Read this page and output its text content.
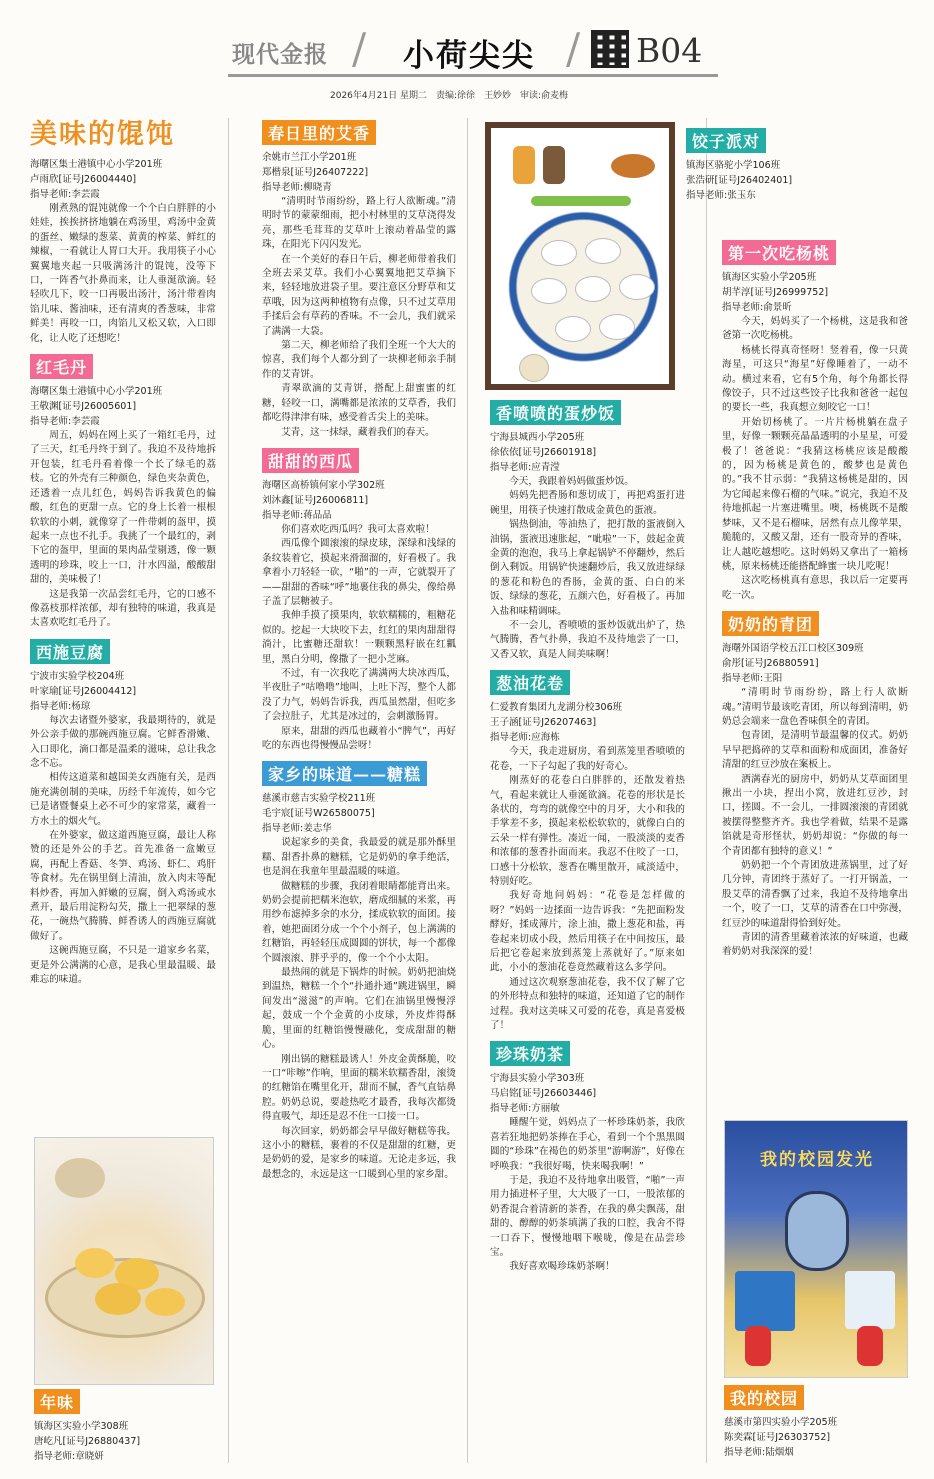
现代金报 / 小荷尖尖 / B04
2026年4月21日 星期二　责编:徐徐　王妙妙　审读:俞麦梅
美味的馄饨
海曙区集士港镇中心小学201班
卢雨欣[证号J26004440]
指导老师:李芸霞

刚煮熟的馄饨就像一个个白白胖胖的小娃娃，挨挨挤挤地躺在鸡汤里，鸡汤中金黄的蛋丝、嫩绿的葱菜、黄黄的榨菜、鲜红的辣椒，一看就让人胃口大开。我用筷子小心翼翼地夹起一只吸满汤汁的馄饨，没等下口，一阵香气扑鼻而来，让人垂涎欲滴。轻轻吹几下，咬一口再吸出汤汁，汤汁带着肉馅儿味、酱油味，还有清爽的香葱味，非常鲜美！再咬一口，肉馅儿又松又软，入口即化，让人吃了还想吃！

红毛丹
海曙区集士港镇中心小学201班
王敬渊[证号J26005601]
指导老师:李芸霞

周五，妈妈在网上买了一箱红毛丹，过了三天，红毛丹终于到了。我迫不及待地拆开包装，红毛丹看着像一个长了绿毛的荔枝。它的外壳有三种颜色，绿色夹杂黄色，还透着一点儿红色，妈妈告诉我黄色的偏酸，红色的更甜一点。它的身上长着一根根软软的小刺，就像穿了一件带刺的盔甲，摸起来一点也不扎手。我挑了一个最红的，剥下它的盔甲，里面的果肉晶莹剔透，像一颗透明的珍珠，咬上一口，汁水四溢，酸酸甜甜的，美味极了！

这是我第一次品尝红毛丹，它的口感不像荔枝那样浓郁，却有独特的味道，我真是太喜欢吃红毛丹了。

西施豆腐
宁波市实验学校204班
叶家瑜[证号J26004412]
指导老师:杨琼

每次去诸暨外婆家，我最期待的，就是外公亲手做的那碗西施豆腐。它鲜香滑嫩、入口即化，滴口都是温柔的滋味，总让我念念不忘。

相传这道菜和越国美女西施有关，是西施充满创制的美味，历经千年流传，如今它已是诸暨餐桌上必不可少的家常菜，藏着一方水土的烟火气。

在外婆家，做这道西施豆腐，最让人称赞的还是外公的手艺。首先准备一盒嫩豆腐，再配上香菇、冬笋、鸡汤、虾仁、鸡肝等食材。先在锅里倒上清油，放入肉末等配料炒香，再加入鲜嫩的豆腐，倒入鸡汤或水煮开，最后用淀粉勾芡，撒上一把翠绿的葱花，一碗热气腾腾、鲜香诱人的西施豆腐就做好了。

这碗西施豆腐，不只是一道家乡名菜，更是外公满满的心意，是我心里最温暖、最难忘的味道。

年味
镇海区实验小学308班
唐屹凡[证号J26880437]
指导老师:章晓妍
春日里的艾香
余姚市兰江小学201班
郑楷泉[证号J26407222]
指导老师:柳晓青

“清明时节雨纷纷，路上行人欲断魂。”清明时节的蒙蒙细雨，把小村林里的艾草浇得发亮，那些毛茸茸的艾草叶上滚动着晶莹的露珠，在阳光下闪闪发光。

在一个美好的春日午后，柳老师带着我们全班去采艾草。我们小心翼翼地把艾草摘下来，轻轻地放进袋子里。要注意区分野草和艾草哦，因为这两种植物有点像，只不过艾草用手揉后会有草药的香味。不一会儿，我们就采了满满一大袋。

第二天，柳老师给了我们全班一个大大的惊喜，我们每个人都分到了一块柳老师亲手制作的艾青饼。

青翠欲滴的艾青饼，搭配上甜蜜蜜的红糖，轻咬一口，满嘴都是浓浓的艾草香，我们都吃得津津有味，感受着舌尖上的美味。

艾青，这一抹绿，藏着我们的春天。

甜甜的西瓜
海曙区高桥镇何家小学302班
刘沐鑫[证号J26006811]
指导老师:蒋品品

你们喜欢吃西瓜吗？我可太喜欢啦！

西瓜像个圆滚滚的绿皮球，深绿和浅绿的条纹装着它，摸起来滑溜溜的，好看极了。我拿着小刀轻轻一砍，“啪”的一声，它就裂开了——甜甜的香味“呼”地裹住我的鼻尖，像给鼻子盖了层糖被子。

我伸手摸了摸果肉，软软糯糯的，粗糖花似的。挖起一大块咬下去，红红的果肉甜甜得淌汁，比蜜糖还甜软！一颗颗黑籽嵌在红瓤里，黑白分明，像撒了一把小芝麻。

不过，有一次我吃了满满两大块冰西瓜，半夜肚子“咕噜噜”地叫，上吐下泻，整个人都没了力气，妈妈告诉我，西瓜虽然甜，但吃多了会拉肚子，尤其是冰过的，会刺激肠胃。

原来，甜甜的西瓜也藏着小“脾气”，再好吃的东西也得慢慢品尝呀！

家乡的味道——糖糕
慈溪市慈吉实验学校211班
毛宇宸[证号W26580075]
指导老师:姜志华

说起家乡的美食，我最爱的就是那外酥里糯、甜香扑鼻的糖糕，它是奶奶的拿手绝活，也是润在我童年里最温暖的味道。

做糖糕的步骤，我闭着眼睛都能背出来。奶奶会提前把糯米泡软，磨成细腻的米浆，再用纱布滤掉多余的水分，揉成软软的面团。接着，她把面团分成一个个小剂子，包上满满的红糖馅，再轻轻压成圆圆的饼状，每一个都像个圆滚滚、胖乎乎的，像一个个小太阳。

最热闹的就是下锅炸的时候。奶奶把油烧到温热，糖糕一个个“扑通扑通”跳进锅里，瞬间发出“滋滋”的声响。它们在油锅里慢慢浮起，鼓成一个个金黄的小皮球，外皮炸得酥脆，里面的红糖馅慢慢融化，变成甜甜的糖心。

刚出锅的糖糕最诱人！外皮金黄酥脆，咬一口“咔嚓”作响，里面的糯米软糯香甜，滚烫的红糖馅在嘴里化开，甜而不腻，香气直钻鼻腔。奶奶总说，要趁热吃才最香，我每次都烫得直吸气，却还是忍不住一口接一口。

每次回家，奶奶都会早早做好糖糕等我。这小小的糖糕，裹着的不仅是甜甜的红糖，更是奶奶的爱，是家乡的味道。无论走多远，我最想念的，永远是这一口暖到心里的家乡甜。

香喷喷的蛋炒饭
宁海县城西小学205班
徐依依[证号J26601918]
指导老师:应青滢

今天，我跟着妈妈做蛋炒饭。

妈妈先把香肠和葱切成丁，再把鸡蛋打进碗里，用筷子快速打散成金黄色的蛋液。

锅热倒油，等油热了，把打散的蛋液倒入油锅，蛋液迅速胀起，“呲啦”一下，鼓起金黄金黄的泡泡，我马上拿起锅铲不停翻炒，然后倒入剩饭。用锅铲快速翻炒后，我又放进绿绿的葱花和粉色的香肠，金黄的蛋、白白的米饭、绿绿的葱花，五颜六色，好看极了。再加入盐和味精调味。

不一会儿，香喷喷的蛋炒饭就出炉了，热气腾腾，香气扑鼻，我迫不及待地尝了一口，又香又软，真是人间美味啊！

葱油花卷
仁爱教育集团九龙湖分校306班
王子涵[证号J26207463]
指导老师:应海栋

今天，我走进厨房，看到蒸笼里香喷喷的花卷，一下子勾起了我的好奇心。

刚蒸好的花卷白白胖胖的，还散发着热气，看起来就让人垂涎欲滴。花卷的形状是长条状的，弯弯的就像空中的月牙，大小和我的手掌差不多，摸起来松松软软的，就像白白的云朵一样有弹性。凑近一闻，一股淡淡的麦香和浓郁的葱香扑面而来。我忍不住咬了一口，口感十分松软，葱香在嘴里散开，咸淡适中，特别好吃。

我好奇地问妈妈：“花卷是怎样做的呀？”妈妈一边揉面一边告诉我：“先把面粉发酵好，揉成薄片，涂上油，撒上葱花和盐，再卷起来切成小段，然后用筷子在中间按压，最后把它卷起来放到蒸笼上蒸就好了。”原来如此，小小的葱油花卷竟然藏着这么多学问。

通过这次观察葱油花卷，我不仅了解了它的外形特点和独特的味道，还知道了它的制作过程。我对这美味又可爱的花卷，真是喜爱极了！

珍珠奶茶
宁海县实验小学303班
马启铭[证号J26603446]
指导老师:方丽敏

睡醒午觉，妈妈点了一杯珍珠奶茶，我欣喜若狂地把奶茶捧在手心，看到一个个黑黑圆圆的“珍珠”在褐色的奶茶里“游啊游”，好像在呼唤我：“我很好喝，快来喝我啊！”

于是，我迫不及待地拿出吸管，“啪”一声用力插进杯子里，大大吸了一口，一股浓郁的奶香混合着清新的茶香，在我的鼻尖飘荡，甜甜的、醇醇的奶茶填满了我的口腔，我舍不得一口吞下，慢慢地咽下喉咙，像是在品尝珍宝。

我好喜欢喝珍珠奶茶啊！

饺子派对
镇海区骆驼小学106班
张浩研[证号J26402401]
指导老师:张玉东
第一次吃杨桃
镇海区实验小学205班
胡芊淳[证号J26999752]
指导老师:俞景昕

今天，妈妈买了一个杨桃，这是我和爸爸第一次吃杨桃。

杨桃长得真奇怪呀！竖着看，像一只黄海星，可这只“海星”好像睡着了，一动不动。横过来看，它有5个角，每个角都长得像饺子，只不过这些饺子比我和爸爸一起包的要长一些，我真想立刻咬它一口！

开始切杨桃了。一片片杨桃躺在盘子里，好像一颗颗亮晶晶透明的小星星，可爱极了！爸爸说：“我猜这杨桃应该是酸酸的，因为杨桃是黄色的，酸梦也是黄色的。”我不甘示弱：“我猜这杨桃是甜的，因为它闻起来像石榴的气味。”说完，我迫不及待地抓起一片塞进嘴里。噢，杨桃既不是酸梦味，又不是石榴味，居然有点儿像苹果，脆脆的，又酸又甜，还有一股奇异的香味，让人越吃越想吃。这时妈妈又拿出了一箱杨桃，原来杨桃还能搭配蜂蜜一块儿吃呢！

这次吃杨桃真有意思，我以后一定要再吃一次。

奶奶的青团
海曙外国语学校五江口校区309班
俞彤[证号J26880591]
指导老师:王阳

“清明时节雨纷纷，路上行人欲断魂。”清明节最该吃青团，所以每到清明，奶奶总会端来一盘色香味俱全的青团。

包青团，是清明节最温馨的仪式。奶奶早早把捣碎的艾草和面粉和成面团，准备好清甜的红豆沙放在案板上。

洒满春光的厨房中，奶奶从艾草面团里揪出一小块，捏出小窝，放进红豆沙，封口，搓圆。不一会儿，一排圆滚滚的青团就被摆得整整齐齐。我也学着做，结果不是露馅就是奇形怪状，奶奶却说：“你做的每一个青团都有独特的意义！”

奶奶把一个个青团放进蒸锅里，过了好几分钟，青团终于蒸好了。一打开锅盖，一股艾草的清香飘了过来，我迫不及待地拿出一个，咬了一口，艾草的清香在口中弥漫，红豆沙的味道甜得恰到好处。

青团的清香里藏着浓浓的好味道，也藏着奶奶对我深深的爱！

我的校园发光
我的校园
慈溪市第四实验小学205班
陈奕霖[证号J26303752]
指导老师:陆烟烟
